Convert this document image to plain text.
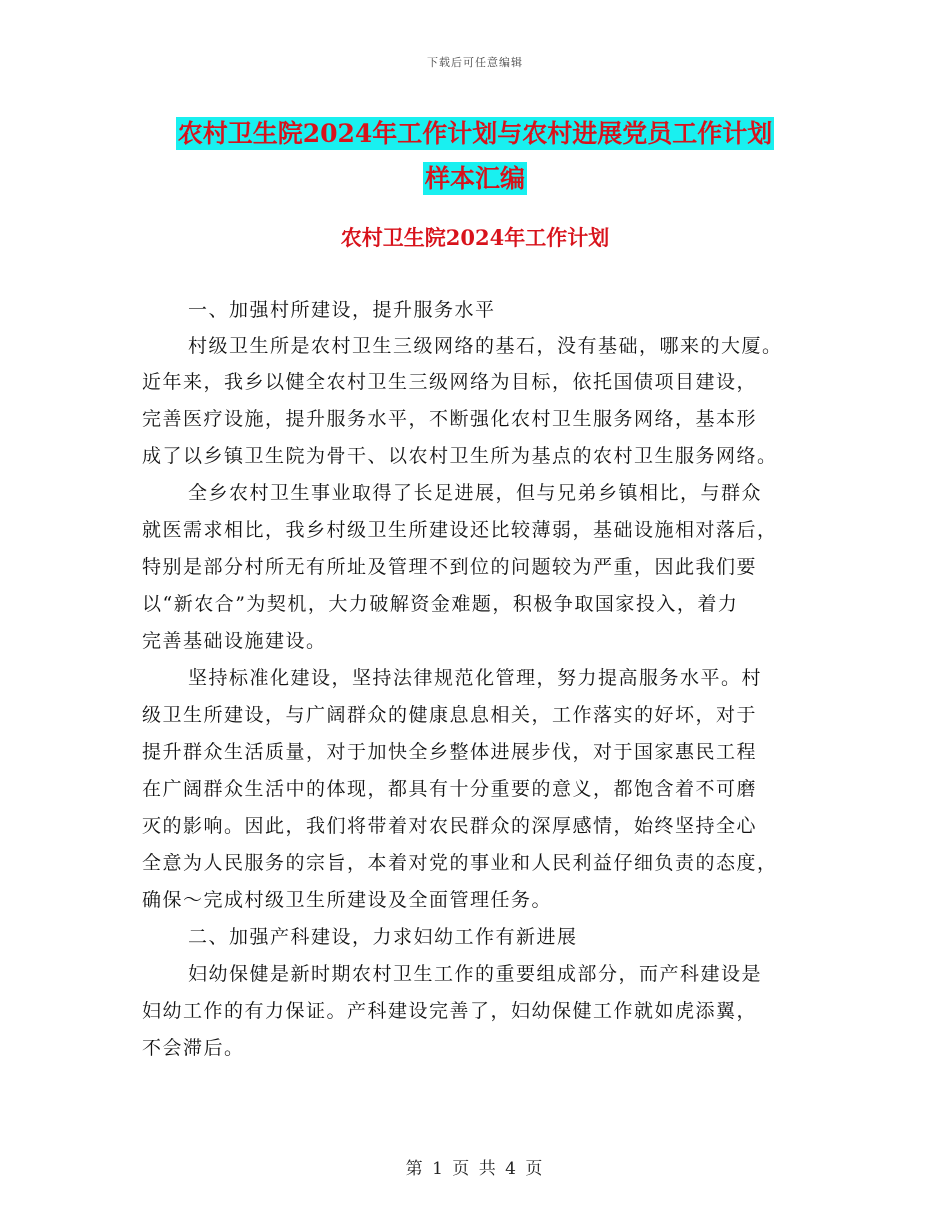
下载后可任意编辑
农村卫生院2024年工作计划与农村进展党员工作计划
样本汇编
农村卫生院2024年工作计划
一、加强村所建设，提升服务水平
村级卫生所是农村卫生三级网络的基石，没有基础，哪来的大厦。
近年来，我乡以健全农村卫生三级网络为目标，依托国债项目建设，
完善医疗设施，提升服务水平，不断强化农村卫生服务网络，基本形
成了以乡镇卫生院为骨干、以农村卫生所为基点的农村卫生服务网络。
全乡农村卫生事业取得了长足进展，但与兄弟乡镇相比，与群众
就医需求相比，我乡村级卫生所建设还比较薄弱，基础设施相对落后，
特别是部分村所无有所址及管理不到位的问题较为严重，因此我们要
以“新农合”为契机，大力破解资金难题，积极争取国家投入，着力
完善基础设施建设。
坚持标准化建设，坚持法律规范化管理，努力提高服务水平。村
级卫生所建设，与广阔群众的健康息息相关，工作落实的好坏，对于
提升群众生活质量，对于加快全乡整体进展步伐，对于国家惠民工程
在广阔群众生活中的体现，都具有十分重要的意义，都饱含着不可磨
灭的影响。因此，我们将带着对农民群众的深厚感情，始终坚持全心
全意为人民服务的宗旨，本着对党的事业和人民利益仔细负责的态度，
确保～完成村级卫生所建设及全面管理任务。
二、加强产科建设，力求妇幼工作有新进展
妇幼保健是新时期农村卫生工作的重要组成部分，而产科建设是
妇幼工作的有力保证。产科建设完善了，妇幼保健工作就如虎添翼，
不会滞后。
第 1 页 共 4 页
